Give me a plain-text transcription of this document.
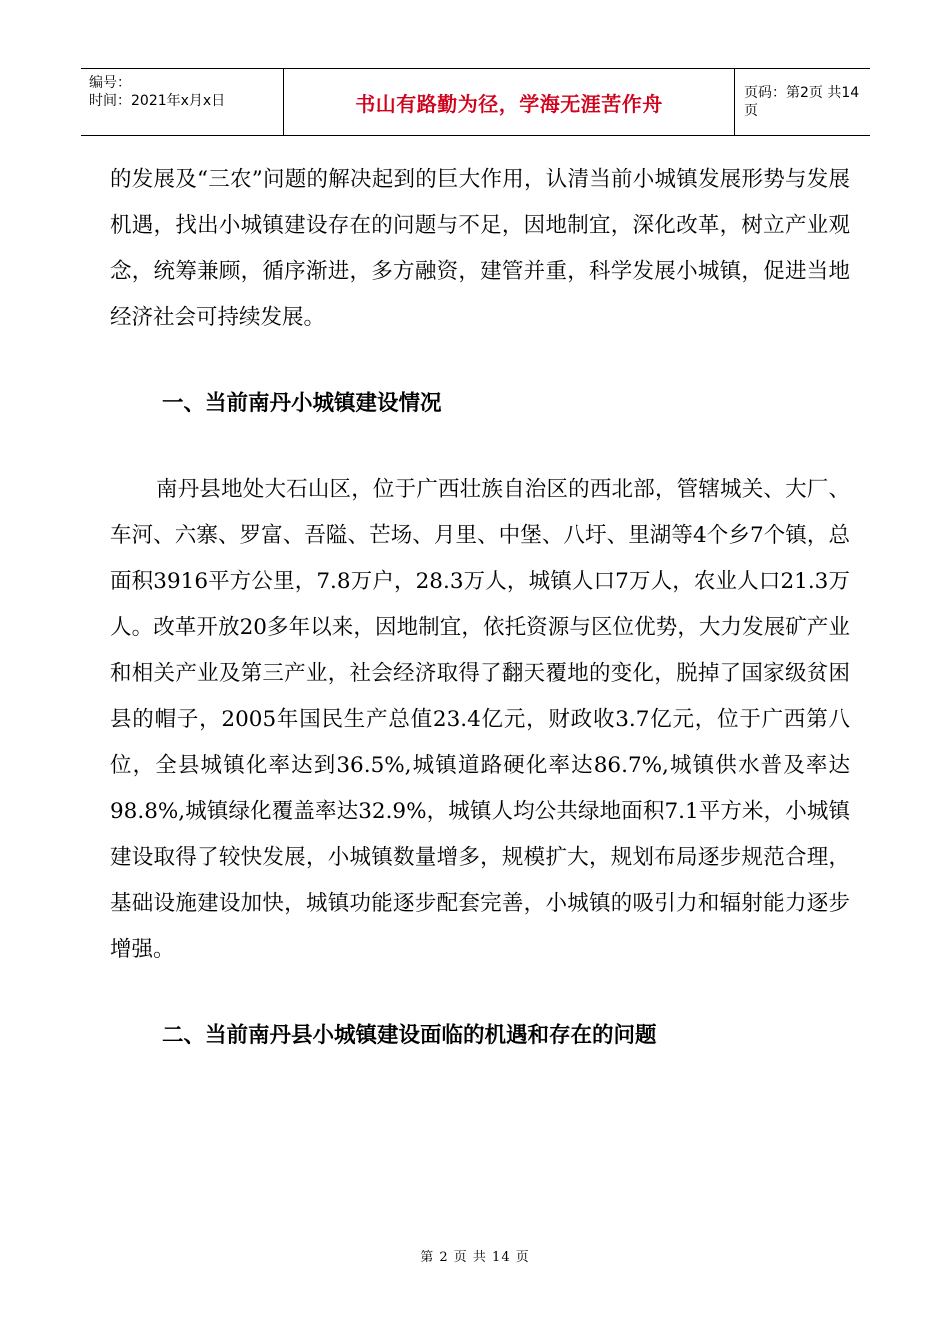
编号：
时间：2021年x月x日	书山有路勤为径，学海无涯苦作舟	页码：第2页 共14页

的发展及“三农”问题的解决起到的巨大作用，认清当前小城镇发展形势与发展机遇，找出小城镇建设存在的问题与不足，因地制宜，深化改革，树立产业观念，统筹兼顾，循序渐进，多方融资，建管并重，科学发展小城镇，促进当地经济社会可持续发展。

一、当前南丹小城镇建设情况

南丹县地处大石山区，位于广西壮族自治区的西北部，管辖城关、大厂、车河、六寨、罗富、吾隘、芒场、月里、中堡、八圩、里湖等4个乡7个镇，总面积3916平方公里，7.8万户，28.3万人，城镇人口7万人，农业人口21.3万人。改革开放20多年以来，因地制宜，依托资源与区位优势，大力发展矿产业和相关产业及第三产业，社会经济取得了翻天覆地的变化，脱掉了国家级贫困县的帽子，2005年国民生产总值23.4亿元，财政收3.7亿元，位于广西第八位，全县城镇化率达到36.5%,城镇道路硬化率达86.7%,城镇供水普及率达98.8%,城镇绿化覆盖率达32.9%，城镇人均公共绿地面积7.1平方米，小城镇建设取得了较快发展，小城镇数量增多，规模扩大，规划布局逐步规范合理，基础设施建设加快，城镇功能逐步配套完善，小城镇的吸引力和辐射能力逐步增强。

二、当前南丹县小城镇建设面临的机遇和存在的问题

第 2 页 共 14 页
